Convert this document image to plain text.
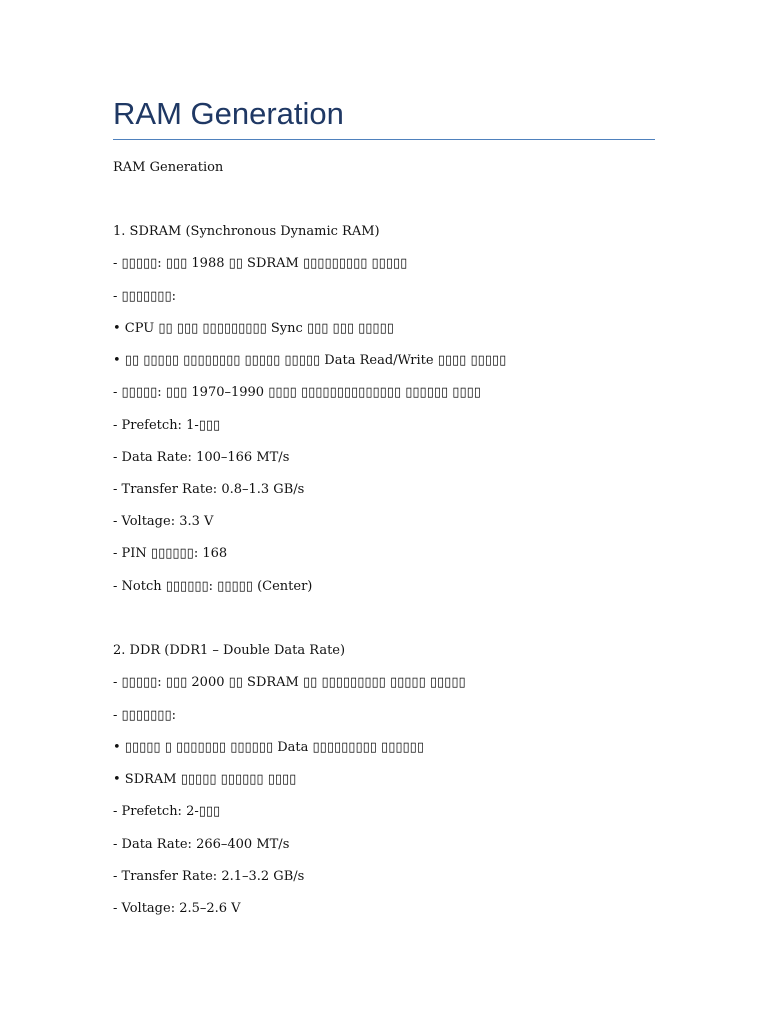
RAM Generation

RAM Generation

1. SDRAM (Synchronous Dynamic RAM)

- ▯▯▯▯▯: ▯▯▯ 1988 ▯▯ SDRAM ▯▯▯▯▯▯▯▯▯ ▯▯▯▯▯

- ▯▯▯▯▯▯▯:

• CPU ▯▯ ▯▯▯ ▯▯▯▯▯▯▯▯▯ Sync ▯▯▯ ▯▯▯ ▯▯▯▯▯

• ▯▯ ▯▯▯▯▯ ▯▯▯▯▯▯▯▯ ▯▯▯▯▯ ▯▯▯▯▯ Data Read/Write ▯▯▯▯ ▯▯▯▯▯

- ▯▯▯▯▯: ▯▯▯ 1970–1990 ▯▯▯▯ ▯▯▯▯▯▯▯▯▯▯▯▯▯▯ ▯▯▯▯▯▯ ▯▯▯▯

- Prefetch: 1-▯▯▯

- Data Rate: 100–166 MT/s

- Transfer Rate: 0.8–1.3 GB/s

- Voltage: 3.3 V

- PIN ▯▯▯▯▯▯: 168

- Notch ▯▯▯▯▯▯: ▯▯▯▯▯ (Center)

2. DDR (DDR1 – Double Data Rate)

- ▯▯▯▯▯: ▯▯▯ 2000 ▯▯ SDRAM ▯▯ ▯▯▯▯▯▯▯▯▯ ▯▯▯▯▯ ▯▯▯▯▯

- ▯▯▯▯▯▯▯:

• ▯▯▯▯▯ ▯ ▯▯▯▯▯▯▯ ▯▯▯▯▯▯ Data ▯▯▯▯▯▯▯▯▯ ▯▯▯▯▯▯

• SDRAM ▯▯▯▯▯ ▯▯▯▯▯▯ ▯▯▯▯

- Prefetch: 2-▯▯▯

- Data Rate: 266–400 MT/s

- Transfer Rate: 2.1–3.2 GB/s

- Voltage: 2.5–2.6 V
